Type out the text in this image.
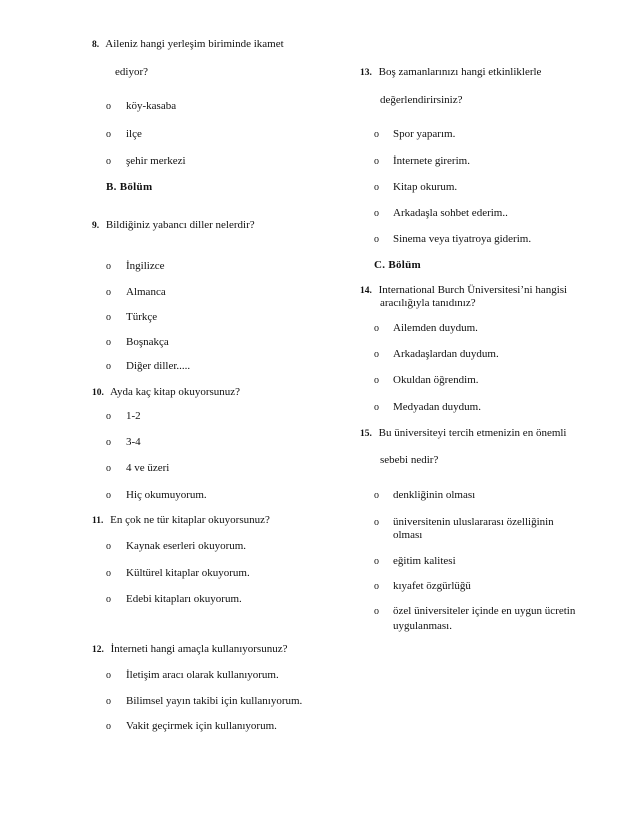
8. Aileniz hangi yerleşim biriminde ikamet
ediyor?
o köy-kasaba
o ilçe
o şehir merkezi
B. Bölüm
9. Bildiğiniz yabancı diller nelerdir?
o İngilizce
o Almanca
o Türkçe
o Boşnakça
o Diğer diller.....
10. Ayda kaç kitap okuyorsunuz?
o 1-2
o 3-4
o 4 ve üzeri
o Hiç okumuyorum.
11. En çok ne tür kitaplar okuyorsunuz?
o Kaynak eserleri okuyorum.
o Kültürel kitaplar okuyorum.
o Edebi kitapları okuyorum.
12. İnterneti hangi amaçla kullanıyorsunuz?
o İletişim aracı olarak kullanıyorum.
o Bilimsel yayın takibi için kullanıyorum.
o Vakit geçirmek için kullanıyorum.
13. Boş zamanlarınızı hangi etkinliklerle
değerlendirirsiniz?
o Spor yaparım.
o İnternete girerim.
o Kitap okurum.
o Arkadaşla sohbet ederim..
o Sinema veya tiyatroya giderim.
C. Bölüm
14. International Burch Üniversitesi’ni hangisi
aracılığıyla tanıdınız?
o Ailemden duydum.
o Arkadaşlardan duydum.
o Okuldan öğrendim.
o Medyadan duydum.
15. Bu üniversiteyi tercih etmenizin en önemli
sebebi nedir?
o denkliğinin olması
o üniversitenin uluslararası özelliğinin
olması
o eğitim kalitesi
o kıyafet özgürlüğü
o özel üniversiteler içinde en uygun ücretin
uygulanması.
